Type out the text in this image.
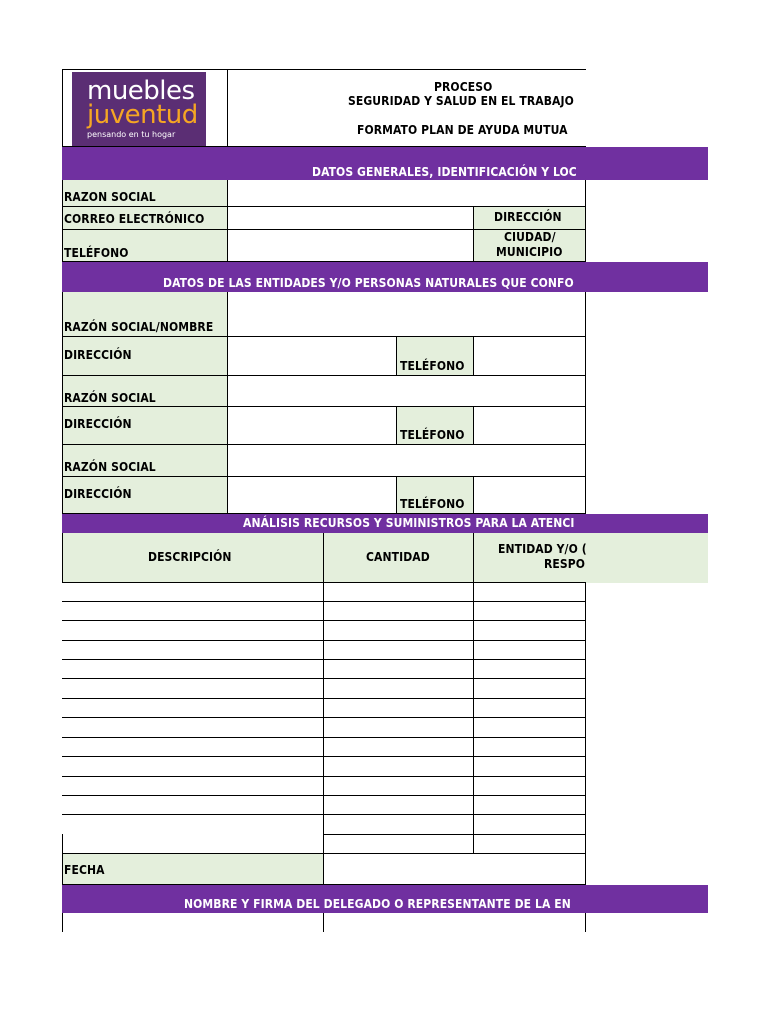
muebles
juventud
pensando en tu hogar
PROCESO
SEGURIDAD Y SALUD EN EL TRABAJO
FORMATO PLAN DE AYUDA MUTUA
DATOS GENERALES, IDENTIFICACIÓN Y LOC
RAZON SOCIAL
CORREO ELECTRÓNICO	DIRECCIÓN
TELÉFONO
CIUDAD/
MUNICIPIO
DATOS DE LAS ENTIDADES Y/O PERSONAS NATURALES QUE CONFO
RAZÓN SOCIAL/NOMBRE
DIRECCIÓN
TELÉFONO
RAZÓN SOCIAL
DIRECCIÓN
TELÉFONO
RAZÓN SOCIAL
DIRECCIÓN
TELÉFONO
ANÁLISIS RECURSOS Y SUMINISTROS PARA LA ATENCI
DESCRIPCIÓN	CANTIDAD
ENTIDAD Y/O (
RESPO
FECHA
NOMBRE Y FIRMA DEL DELEGADO O REPRESENTANTE DE LA EN
